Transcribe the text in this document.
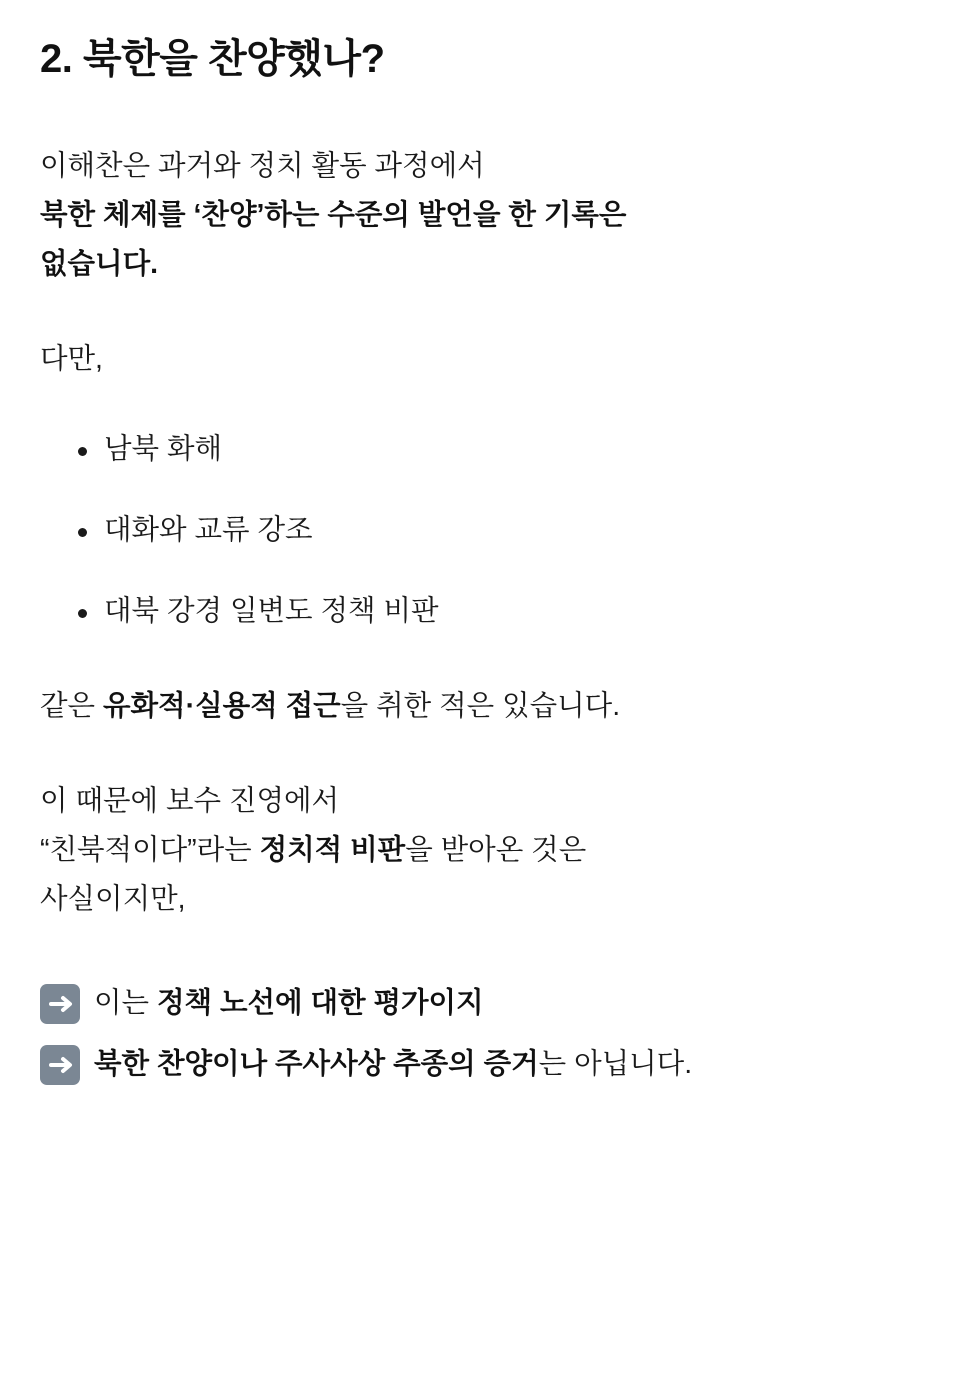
2. 북한을 찬양했나?

이해찬은 과거와 정치 활동 과정에서
북한 체제를 ‘찬양’하는 수준의 발언을 한 기록은
없습니다.

다만,

남북 화해
대화와 교류 강조
대북 강경 일변도 정책 비판

같은 유화적·실용적 접근을 취한 적은 있습니다.

이 때문에 보수 진영에서
“친북적이다”라는 정치적 비판을 받아온 것은
사실이지만,

이는 정책 노선에 대한 평가이지
북한 찬양이나 주사사상 추종의 증거는 아닙니다.
